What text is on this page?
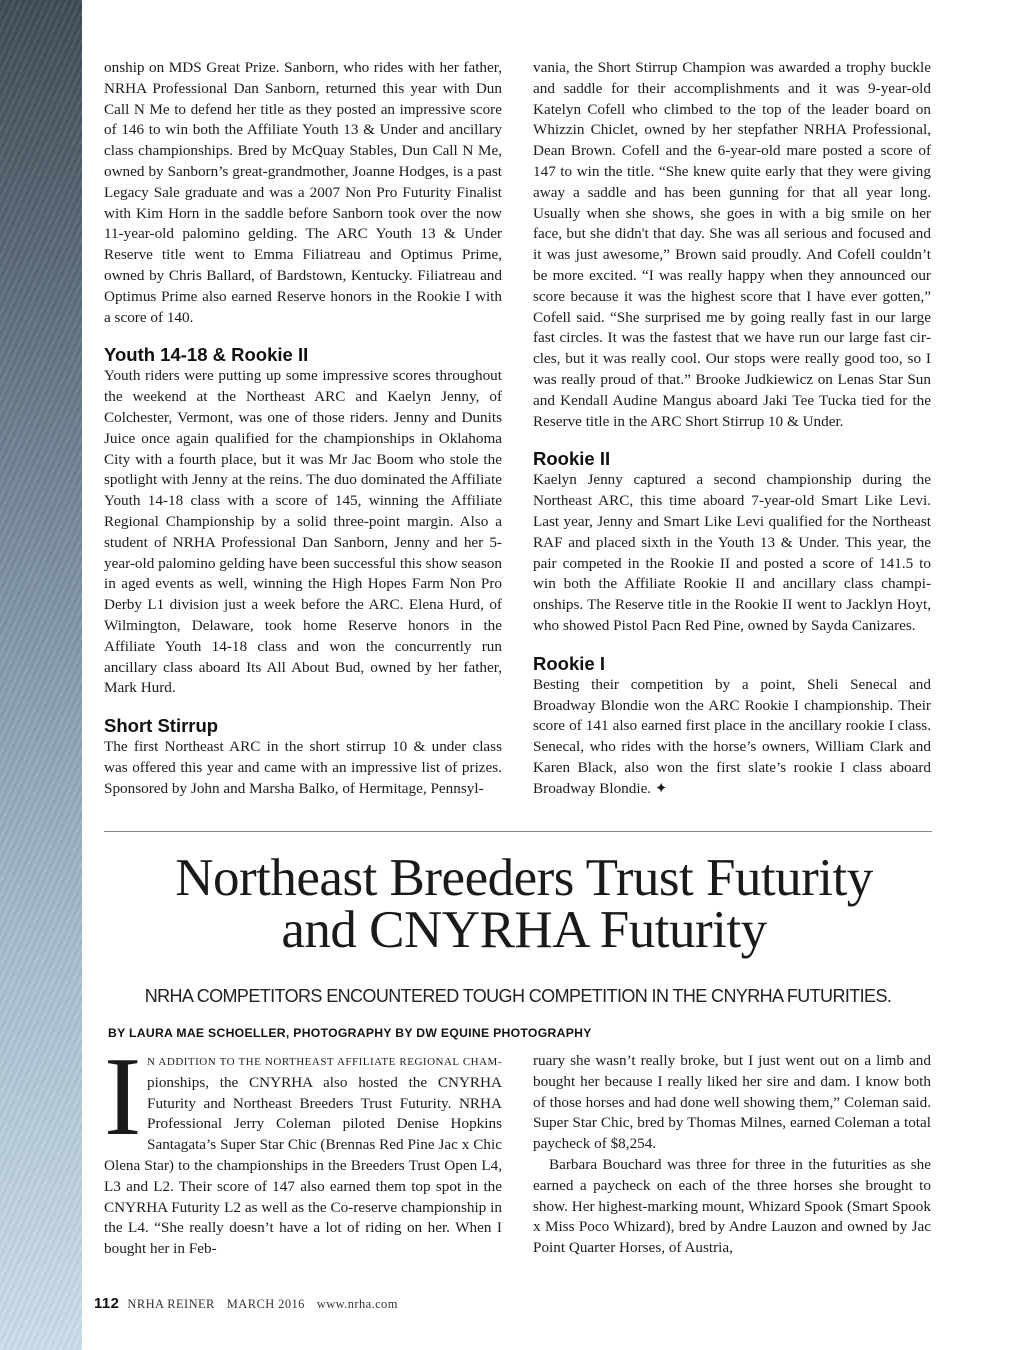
onship on MDS Great Prize. Sanborn, who rides with her father, NRHA Professional Dan Sanborn, returned this year with Dun Call N Me to defend her title as they posted an impressive score of 146 to win both the Affiliate Youth 13 & Under and ancillary class championships. Bred by McQuay Stables, Dun Call N Me, owned by Sanborn’s great-grandmother, Joanne Hodges, is a past Legacy Sale graduate and was a 2007 Non Pro Futurity Finalist with Kim Horn in the saddle before Sanborn took over the now 11-year-old palomino gelding. The ARC Youth 13 & Under Reserve title went to Emma Filiatreau and Optimus Prime, owned by Chris Ballard, of Bardstown, Kentucky. Filiatreau and Optimus Prime also earned Reserve honors in the Rookie I with a score of 140.

Youth 14-18 & Rookie II

Youth riders were putting up some impressive scores throughout the weekend at the Northeast ARC and Kaelyn Jenny, of Colchester, Vermont, was one of those riders. Jenny and Dunits Juice once again qualified for the championships in Oklahoma City with a fourth place, but it was Mr Jac Boom who stole the spotlight with Jenny at the reins. The duo dominated the Affiliate Youth 14-18 class with a score of 145, winning the Affiliate Regional Championship by a solid three-point margin. Also a student of NRHA Professional Dan Sanborn, Jenny and her 5-year-old palomino gelding have been successful this show season in aged events as well, winning the High Hopes Farm Non Pro Derby L1 division just a week before the ARC. Elena Hurd, of Wilmington, Delaware, took home Reserve honors in the Affiliate Youth 14-18 class and won the concurrently run ancillary class aboard Its All About Bud, owned by her father, Mark Hurd.

Short Stirrup

The first Northeast ARC in the short stirrup 10 & under class was offered this year and came with an impressive list of prizes. Sponsored by John and Marsha Balko, of Hermitage, Pennsyl-

vania, the Short Stirrup Champion was awarded a trophy buckle and saddle for their accomplishments and it was 9-year-old Katelyn Cofell who climbed to the top of the leader board on Whizzin Chiclet, owned by her stepfather NRHA Professional, Dean Brown. Cofell and the 6-year-old mare posted a score of 147 to win the title. “She knew quite early that they were giving away a saddle and has been gunning for that all year long. Usually when she shows, she goes in with a big smile on her face, but she didn't that day. She was all serious and focused and it was just awesome,” Brown said proudly. And Cofell couldn’t be more excited. “I was really happy when they announced our score because it was the highest score that I have ever gotten,” Cofell said. “She surprised me by going really fast in our large fast circles. It was the fastest that we have run our large fast circles, but it was really cool. Our stops were really good too, so I was really proud of that.” Brooke Judkiewicz on Lenas Star Sun and Kendall Audine Mangus aboard Jaki Tee Tucka tied for the Reserve title in the ARC Short Stirrup 10 & Under.

Rookie II

Kaelyn Jenny captured a second championship during the Northeast ARC, this time aboard 7-year-old Smart Like Levi. Last year, Jenny and Smart Like Levi qualified for the Northeast RAF and placed sixth in the Youth 13 & Under. This year, the pair competed in the Rookie II and posted a score of 141.5 to win both the Affiliate Rookie II and ancillary class championships. The Reserve title in the Rookie II went to Jacklyn Hoyt, who showed Pistol Pacn Red Pine, owned by Sayda Canizares.

Rookie I

Besting their competition by a point, Sheli Senecal and Broadway Blondie won the ARC Rookie I championship. Their score of 141 also earned first place in the ancillary rookie I class. Senecal, who rides with the horse’s owners, William Clark and Karen Black, also won the first slate’s rookie I class aboard Broadway Blondie. ✦

Northeast Breeders Trust Futurity
and CNYRHA Futurity

NRHA COMPETITORS ENCOUNTERED TOUGH COMPETITION IN THE CNYRHA FUTURITIES.

BY LAURA MAE SCHOELLER, PHOTOGRAPHY BY DW EQUINE PHOTOGRAPHY

I N ADDITION TO THE NORTHEAST AFFILIATE REGIONAL CHAM- pionships, the CNYRHA also hosted the CNYRHA Futurity and Northeast Breeders Trust Futurity. NRHA Professional Jerry Coleman piloted Denise Hopkins Santagata’s Super Star Chic (Brennas Red Pine Jac x Chic Olena Star) to the championships in the Breeders Trust Open L4, L3 and L2. Their score of 147 also earned them top spot in the CNYRHA Futurity L2 as well as the Co-reserve championship in the L4. “She really doesn’t have a lot of riding on her. When I bought her in Feb-

ruary she wasn’t really broke, but I just went out on a limb and bought her because I really liked her sire and dam. I know both of those horses and had done well showing them,” Coleman said. Super Star Chic, bred by Thomas Milnes, earned Coleman a total paycheck of $8,254.

Barbara Bouchard was three for three in the futurities as she earned a paycheck on each of the three horses she brought to show. Her highest-marking mount, Whizard Spook (Smart Spook x Miss Poco Whizard), bred by Andre Lauzon and owned by Jac Point Quarter Horses, of Austria,

112 NRHA REINER MARCH 2016 www.nrha.com
